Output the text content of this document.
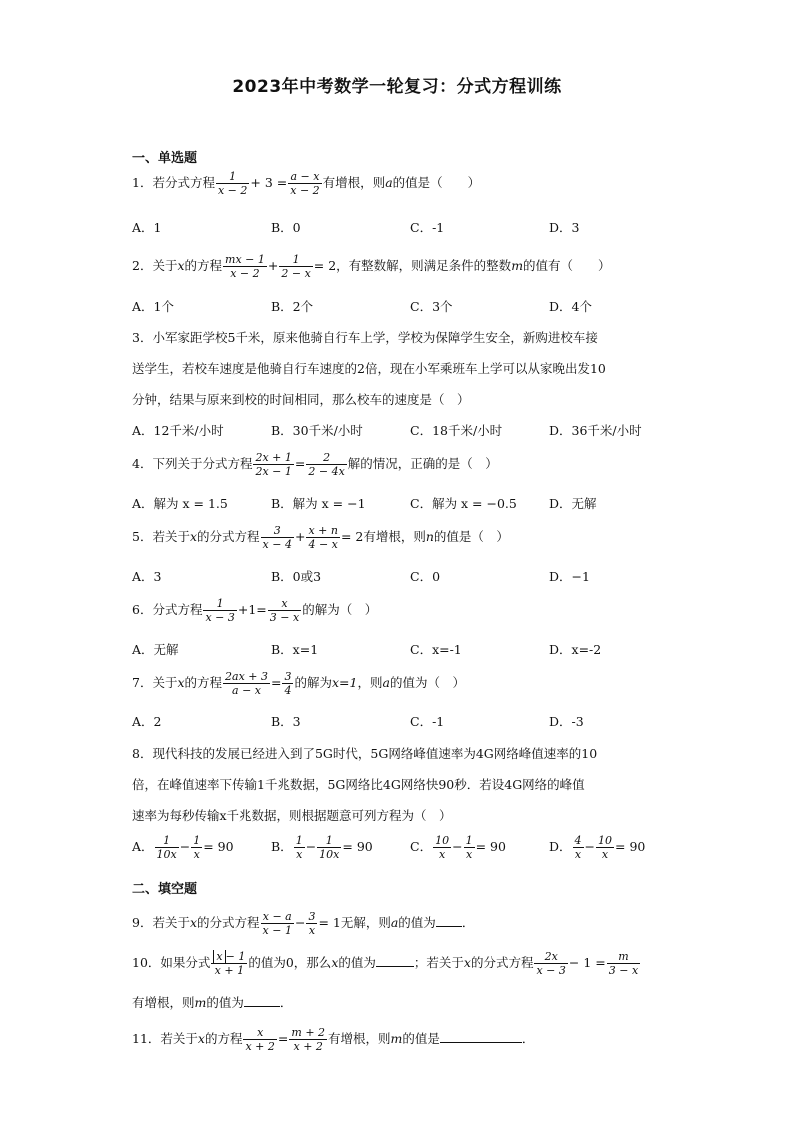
2023年中考数学一轮复习：分式方程训练
一、单选题
1．若分式方程 $\frac{1}{x - 2} + 3 = \frac{a - x}{x - 2}$ 有增根，则a的值是（　　）
A．1	B．0	C．-1	D．3
2．关于x的方程 $\frac{mx - 1}{x - 2} + \frac{1}{2 - x} = 2$，有整数解，则满足条件的整数m的值有（　　）
A．1个	B．2个	C．3个	D．4个
3．小军家距学校5千米，原来他骑自行车上学，学校为保障学生安全，新购进校车接
送学生，若校车速度是他骑自行车速度的2倍，现在小军乘班车上学可以从家晚出发10
分钟，结果与原来到校的时间相同，那么校车的速度是（　）
A．12千米/小时	B．30千米/小时	C．18千米/小时	D．36千米/小时
4．下列关于分式方程 $\frac{2x + 1}{2x - 1} = \frac{2}{2 - 4x}$ 解的情况，正确的是（　）
A．解为 x = 1.5	B．解为 x = −1	C．解为 x = −0.5	D．无解
5．若关于x的分式方程 $\frac{3}{x - 4} + \frac{x + n}{4 - x} = 2$有增根，则n的值是（　）
A．3	B．0或3	C．0	D．−1
6．分式方程 $\frac{1}{x - 3} +1= \frac{x}{3 - x}$ 的解为（　）
A．无解	B．x=1	C．x=-1	D．x=-2
7．关于x的方程 $\frac{2ax + 3}{a - x} = \frac{3}{4}$ 的解为x=1，则a的值为（　）
A．2	B．3	C．-1	D．-3
8．现代科技的发展已经进入到了5G时代，5G网络峰值速率为4G网络峰值速率的10
倍，在峰值速率下传输1千兆数据，5G网络比4G网络快90秒．若设4G网络的峰值
速率为每秒传输x千兆数据，则根据题意可列方程为（　）
A． $\frac{1}{10x} - \frac{1}{x} = 90$	B． $\frac{1}{x} - \frac{1}{10x} = 90$	C． $\frac{10}{x} - \frac{1}{x} = 90$	D． $\frac{4}{x} - \frac{10}{x} = 90$
二、填空题
9．若关于x的分式方程 $\frac{x - a}{x - 1} - \frac{3}{x} = 1$无解，则a的值为 ．
10．如果分式 $\frac{x - 1}{x + 1}$ 的值为0，那么x的值为	；若关于x的分式方程 $\frac{2x}{x - 3} - 1 = \frac{m}{3 - x}$
有增根，则m的值为	．
11．若关于x的方程 $\frac{x}{x + 2} = \frac{m + 2}{x + 2}$ 有增根，则m的值是	．
